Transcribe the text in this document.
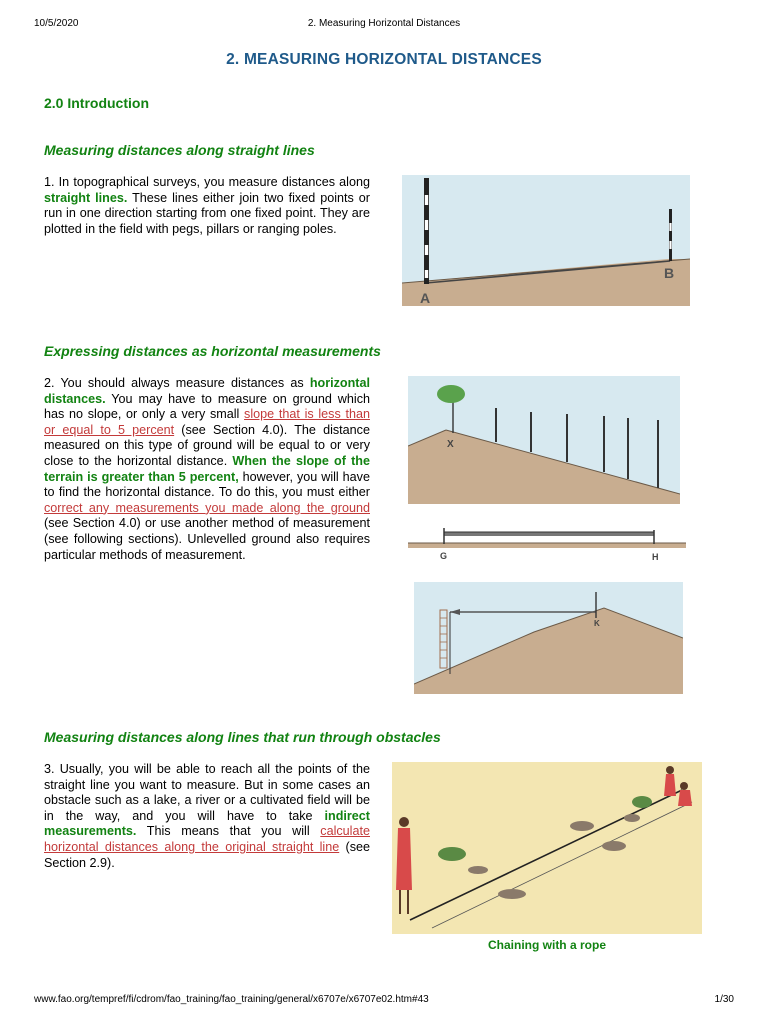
10/5/2020	2. Measuring Horizontal Distances
2. MEASURING HORIZONTAL DISTANCES
2.0 Introduction
Measuring distances along straight lines

1. In topographical surveys, you measure distances along straight lines. These lines either join two fixed points or run in one direction starting from one fixed point. They are plotted in the field with pegs, pillars or ranging poles.

A
B
Expressing distances as horizontal measurements

2. You should always measure distances as horizontal distances. You may have to measure on ground which has no slope, or only a very small slope that is less than or equal to 5 percent (see Section 4.0). The distance measured on this type of ground will be equal to or very close to the horizontal distance. When the slope of the terrain is greater than 5 percent, however, you will have to find the horizontal distance. To do this, you must either correct any measurements you made along the ground (see Section 4.0) or use another method of measurement (see following sections). Unlevelled ground also requires particular methods of measurement.

X
G	H
K
Measuring distances along lines that run through obstacles

3. Usually, you will be able to reach all the points of the straight line you want to measure. But in some cases an obstacle such as a lake, a river or a cultivated field will be in the way, and you will have to take indirect measurements. This means that you will calculate horizontal distances along the original straight line (see Section 2.9).

Chaining with a rope
www.fao.org/tempref/fi/cdrom/fao_training/fao_training/general/x6707e/x6707e02.htm#43	1/30
